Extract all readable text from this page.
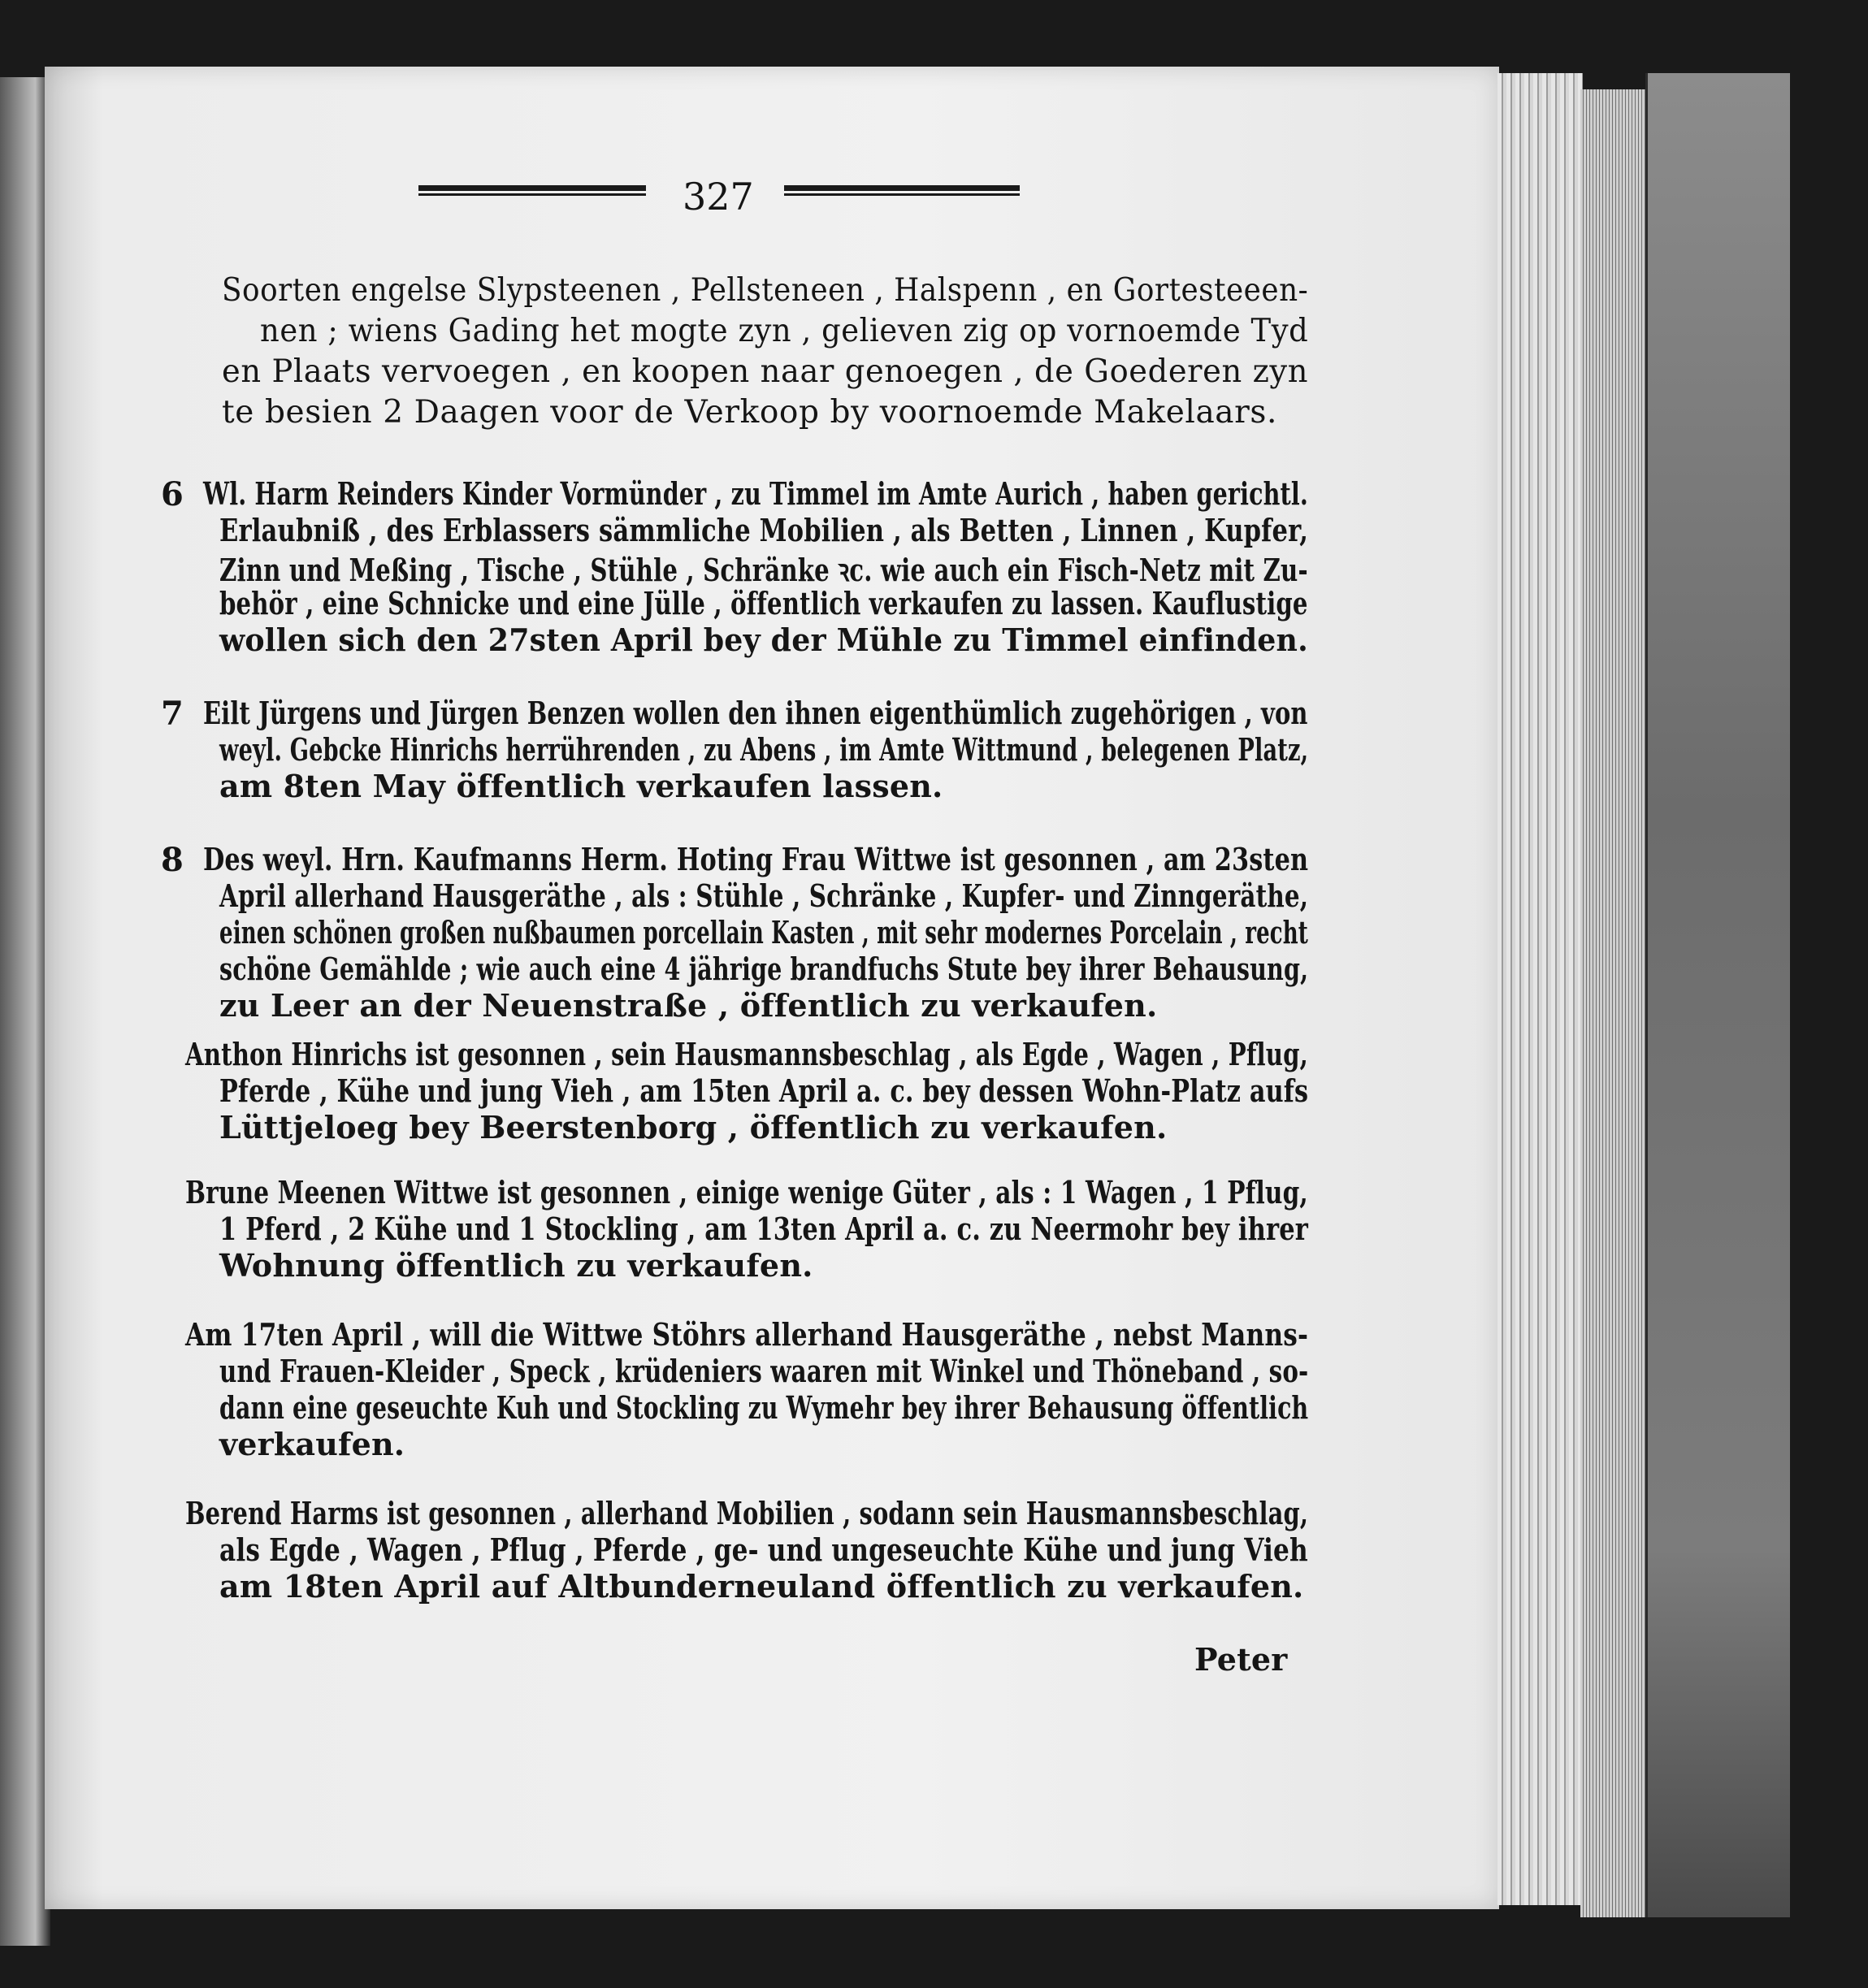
327
Soorten engelse Slypsteenen , Pellsteneen , Halspenn , en Gortesteeen-
nen ; wiens Gading het mogte zyn , gelieven zig op vornoemde Tyd
en Plaats vervoegen , en koopen naar genoegen , de Goederen zyn
te besien 2 Daagen voor de Verkoop by voornoemde Makelaars.
6 Wl. Harm Reinders Kinder Vormünder , zu Timmel im Amte Aurich , haben gerichtl.
Erlaubniß , des Erblassers sämmliche Mobilien , als Betten , Linnen , Kupfer,
Zinn und Meßing , Tische , Stühle , Schränke ꝛc. wie auch ein Fisch-Netz mit Zu-
behör , eine Schnicke und eine Jülle , öffentlich verkaufen zu lassen. Kauflustige
wollen sich den 27sten April bey der Mühle zu Timmel einfinden.
7 Eilt Jürgens und Jürgen Benzen wollen den ihnen eigenthümlich zugehörigen , von
weyl. Gebcke Hinrichs herrührenden , zu Abens , im Amte Wittmund , belegenen Platz,
am 8ten May öffentlich verkaufen lassen.
8 Des weyl. Hrn. Kaufmanns Herm. Hoting Frau Wittwe ist gesonnen , am 23sten
April allerhand Hausgeräthe , als : Stühle , Schränke , Kupfer- und Zinngeräthe,
einen schönen großen nußbaumen porcellain Kasten , mit sehr modernes Porcelain , recht
schöne Gemählde ; wie auch eine 4 jährige brandfuchs Stute bey ihrer Behausung,
zu Leer an der Neuenstraße , öffentlich zu verkaufen.
Anthon Hinrichs ist gesonnen , sein Hausmannsbeschlag , als Egde , Wagen , Pflug,
Pferde , Kühe und jung Vieh , am 15ten April a. c. bey dessen Wohn-Platz aufs
Lüttjeloeg bey Beerstenborg , öffentlich zu verkaufen.
Brune Meenen Wittwe ist gesonnen , einige wenige Güter , als : 1 Wagen , 1 Pflug,
1 Pferd , 2 Kühe und 1 Stockling , am 13ten April a. c. zu Neermohr bey ihrer
Wohnung öffentlich zu verkaufen.
Am 17ten April , will die Wittwe Stöhrs allerhand Hausgeräthe , nebst Manns-
und Frauen-Kleider , Speck , krüdeniers waaren mit Winkel und Thöneband , so-
dann eine geseuchte Kuh und Stockling zu Wymehr bey ihrer Behausung öffentlich
verkaufen.
Berend Harms ist gesonnen , allerhand Mobilien , sodann sein Hausmannsbeschlag,
als Egde , Wagen , Pflug , Pferde , ge- und ungeseuchte Kühe und jung Vieh
am 18ten April auf Altbunderneuland öffentlich zu verkaufen.
Peter
